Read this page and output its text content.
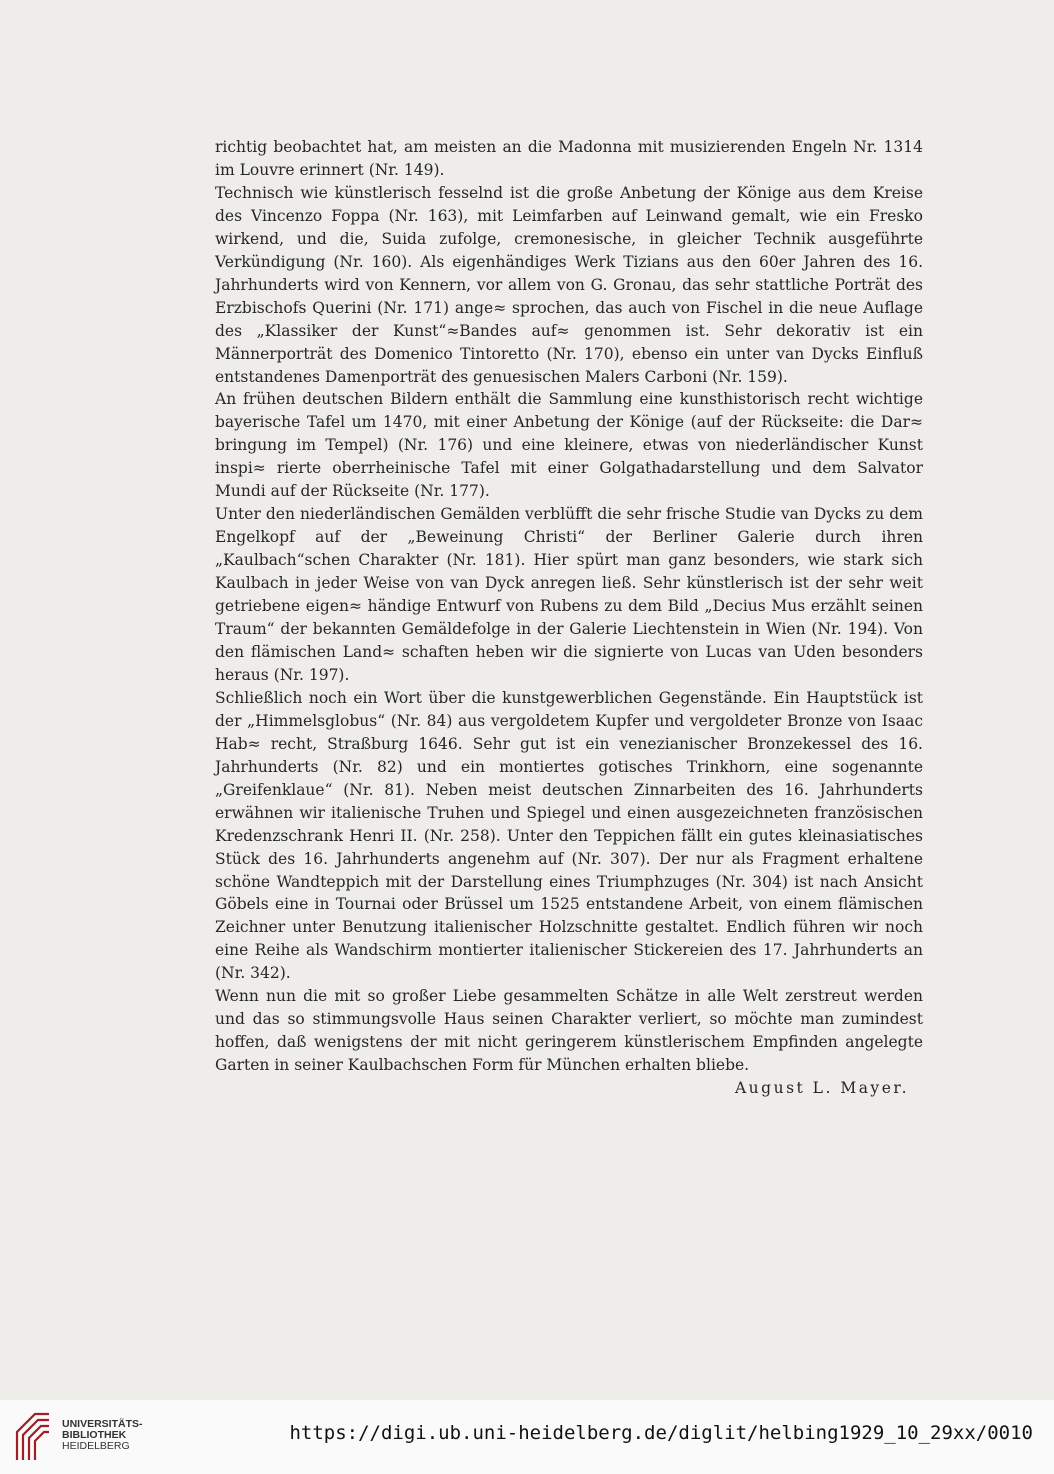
richtig beobachtet hat, am meisten an die Madonna mit musizierenden Engeln Nr. 1314 im Louvre erinnert (Nr. 149).

Technisch wie künstlerisch fesselnd ist die große Anbetung der Könige aus dem Kreise des Vincenzo Foppa (Nr. 163), mit Leimfarben auf Leinwand gemalt, wie ein Fresko wirkend, und die, Suida zufolge, cremonesische, in gleicher Technik ausgeführte Verkündigung (Nr. 160). Als eigenhändiges Werk Tizians aus den 60er Jahren des 16. Jahrhunderts wird von Kennern, vor allem von G. Gronau, das sehr stattliche Porträt des Erzbischofs Querini (Nr. 171) ange≈ sprochen, das auch von Fischel in die neue Auflage des „Klassiker der Kunst“≈Bandes auf≈ genommen ist. Sehr dekorativ ist ein Männerporträt des Domenico Tintoretto (Nr. 170), ebenso ein unter van Dycks Einfluß entstandenes Damenporträt des genuesischen Malers Carboni (Nr. 159).

An frühen deutschen Bildern enthält die Sammlung eine kunsthistorisch recht wichtige bayerische Tafel um 1470, mit einer Anbetung der Könige (auf der Rückseite: die Dar≈ bringung im Tempel) (Nr. 176) und eine kleinere, etwas von niederländischer Kunst inspi≈ rierte oberrheinische Tafel mit einer Golgathadarstellung und dem Salvator Mundi auf der Rückseite (Nr. 177).

Unter den niederländischen Gemälden verblüfft die sehr frische Studie van Dycks zu dem Engelkopf auf der „Beweinung Christi“ der Berliner Galerie durch ihren „Kaulbach“schen Charakter (Nr. 181). Hier spürt man ganz besonders, wie stark sich Kaulbach in jeder Weise von van Dyck anregen ließ. Sehr künstlerisch ist der sehr weit getriebene eigen≈ händige Entwurf von Rubens zu dem Bild „Decius Mus erzählt seinen Traum“ der bekannten Gemäldefolge in der Galerie Liechtenstein in Wien (Nr. 194). Von den flämischen Land≈ schaften heben wir die signierte von Lucas van Uden besonders heraus (Nr. 197).

Schließlich noch ein Wort über die kunstgewerblichen Gegenstände. Ein Hauptstück ist der „Himmelsglobus“ (Nr. 84) aus vergoldetem Kupfer und vergoldeter Bronze von Isaac Hab≈ recht, Straßburg 1646. Sehr gut ist ein venezianischer Bronzekessel des 16. Jahrhunderts (Nr. 82) und ein montiertes gotisches Trinkhorn, eine sogenannte „Greifenklaue“ (Nr. 81). Neben meist deutschen Zinnarbeiten des 16. Jahrhunderts erwähnen wir italienische Truhen und Spiegel und einen ausgezeichneten französischen Kredenzschrank Henri II. (Nr. 258). Unter den Teppichen fällt ein gutes kleinasiatisches Stück des 16. Jahrhunderts angenehm auf (Nr. 307). Der nur als Fragment erhaltene schöne Wandteppich mit der Darstellung eines Triumphzuges (Nr. 304) ist nach Ansicht Göbels eine in Tournai oder Brüssel um 1525 entstandene Arbeit, von einem flämischen Zeichner unter Benutzung italienischer Holzschnitte gestaltet. Endlich führen wir noch eine Reihe als Wandschirm montierter italienischer Stickereien des 17. Jahrhunderts an (Nr. 342).

Wenn nun die mit so großer Liebe gesammelten Schätze in alle Welt zerstreut werden und das so stimmungsvolle Haus seinen Charakter verliert, so möchte man zumindest hoffen, daß wenigstens der mit nicht geringerem künstlerischem Empfinden angelegte Garten in seiner Kaulbachschen Form für München erhalten bliebe.

August L. Mayer.

UNIVERSITÄTS-
BIBLIOTHEK
HEIDELBERG

https://digi.ub.uni-heidelberg.de/diglit/helbing1929_10_29xx/0010
